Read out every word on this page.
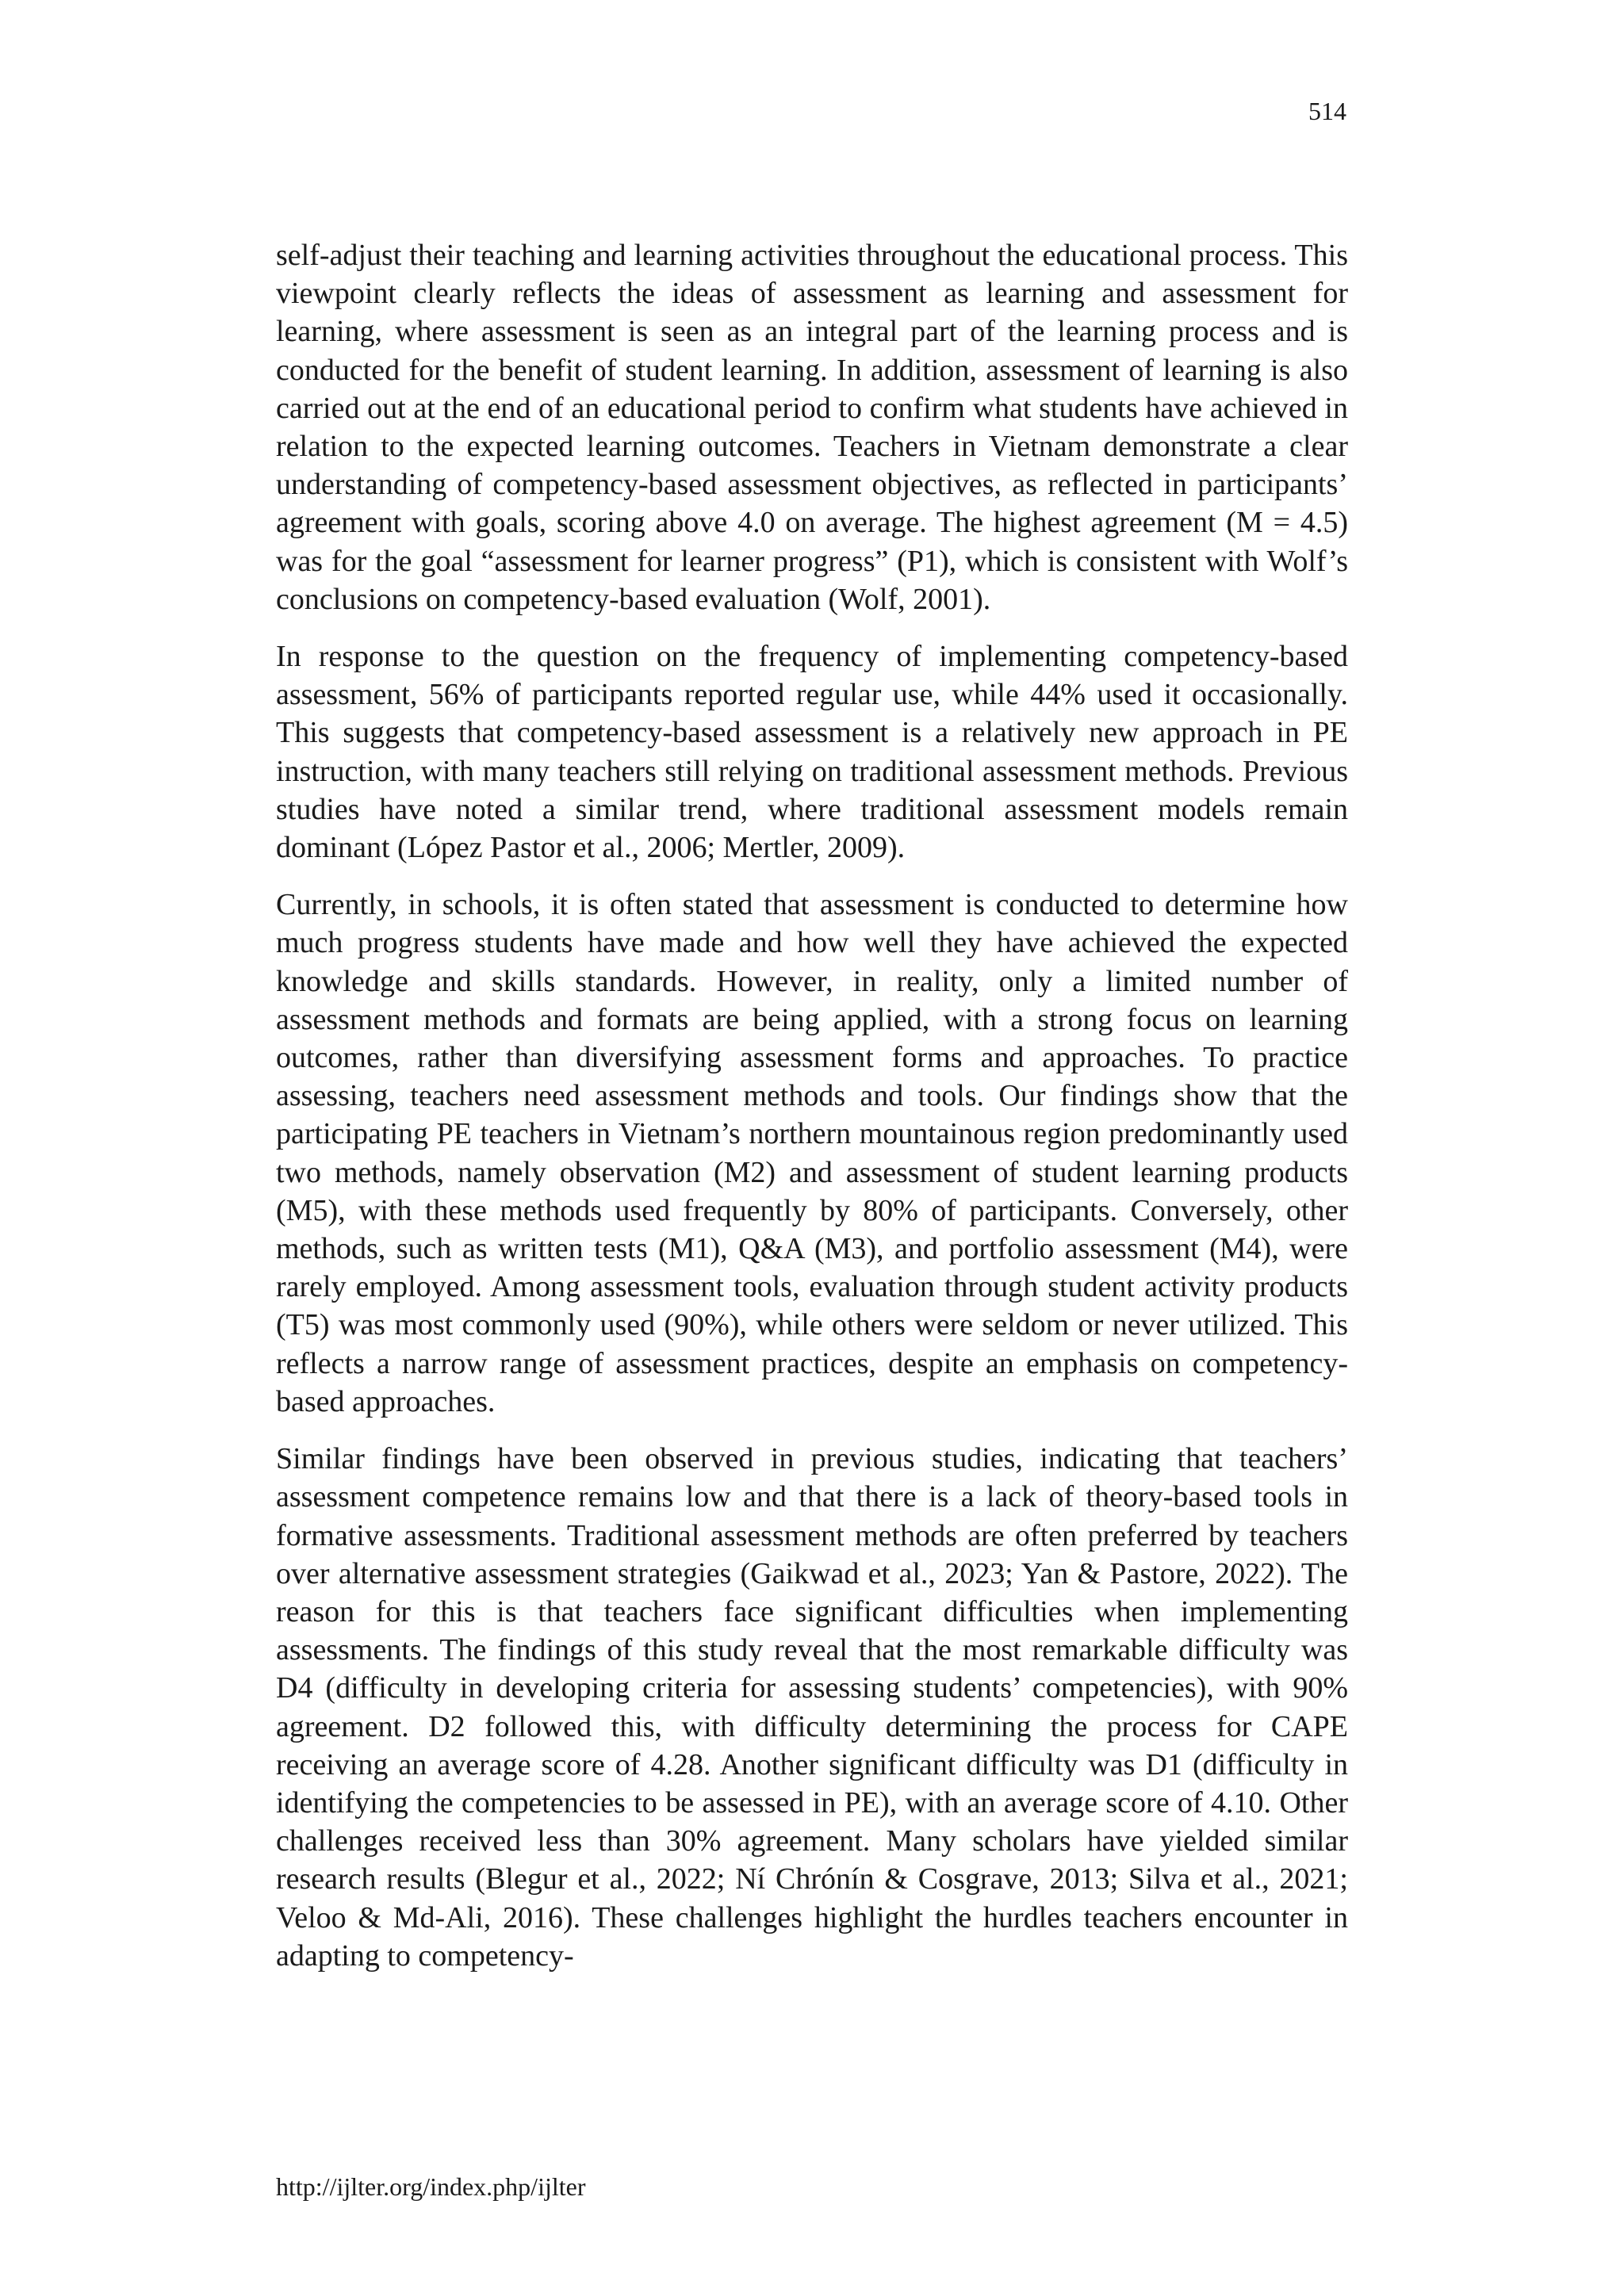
514

self-adjust their teaching and learning activities throughout the educational process. This viewpoint clearly reflects the ideas of assessment as learning and assessment for learning, where assessment is seen as an integral part of the learning process and is conducted for the benefit of student learning. In addition, assessment of learning is also carried out at the end of an educational period to confirm what students have achieved in relation to the expected learning outcomes. Teachers in Vietnam demonstrate a clear understanding of competency-based assessment objectives, as reflected in participants’ agreement with goals, scoring above 4.0 on average. The highest agreement (M = 4.5) was for the goal “assessment for learner progress” (P1), which is consistent with Wolf’s conclusions on competency-based evaluation (Wolf, 2001).

In response to the question on the frequency of implementing competency-based assessment, 56% of participants reported regular use, while 44% used it occasionally. This suggests that competency-based assessment is a relatively new approach in PE instruction, with many teachers still relying on traditional assessment methods. Previous studies have noted a similar trend, where traditional assessment models remain dominant (López Pastor et al., 2006; Mertler, 2009).

Currently, in schools, it is often stated that assessment is conducted to determine how much progress students have made and how well they have achieved the expected knowledge and skills standards. However, in reality, only a limited number of assessment methods and formats are being applied, with a strong focus on learning outcomes, rather than diversifying assessment forms and approaches. To practice assessing, teachers need assessment methods and tools. Our findings show that the participating PE teachers in Vietnam’s northern mountainous region predominantly used two methods, namely observation (M2) and assessment of student learning products (M5), with these methods used frequently by 80% of participants. Conversely, other methods, such as written tests (M1), Q&A (M3), and portfolio assessment (M4), were rarely employed. Among assessment tools, evaluation through student activity products (T5) was most commonly used (90%), while others were seldom or never utilized. This reflects a narrow range of assessment practices, despite an emphasis on competency-based approaches.

Similar findings have been observed in previous studies, indicating that teachers’ assessment competence remains low and that there is a lack of theory-based tools in formative assessments. Traditional assessment methods are often preferred by teachers over alternative assessment strategies (Gaikwad et al., 2023; Yan & Pastore, 2022). The reason for this is that teachers face significant difficulties when implementing assessments. The findings of this study reveal that the most remarkable difficulty was D4 (difficulty in developing criteria for assessing students’ competencies), with 90% agreement. D2 followed this, with difficulty determining the process for CAPE receiving an average score of 4.28. Another significant difficulty was D1 (difficulty in identifying the competencies to be assessed in PE), with an average score of 4.10. Other challenges received less than 30% agreement. Many scholars have yielded similar research results (Blegur et al., 2022; Ní Chrónín & Cosgrave, 2013; Silva et al., 2021; Veloo & Md-Ali, 2016). These challenges highlight the hurdles teachers encounter in adapting to competency-

http://ijlter.org/index.php/ijlter
